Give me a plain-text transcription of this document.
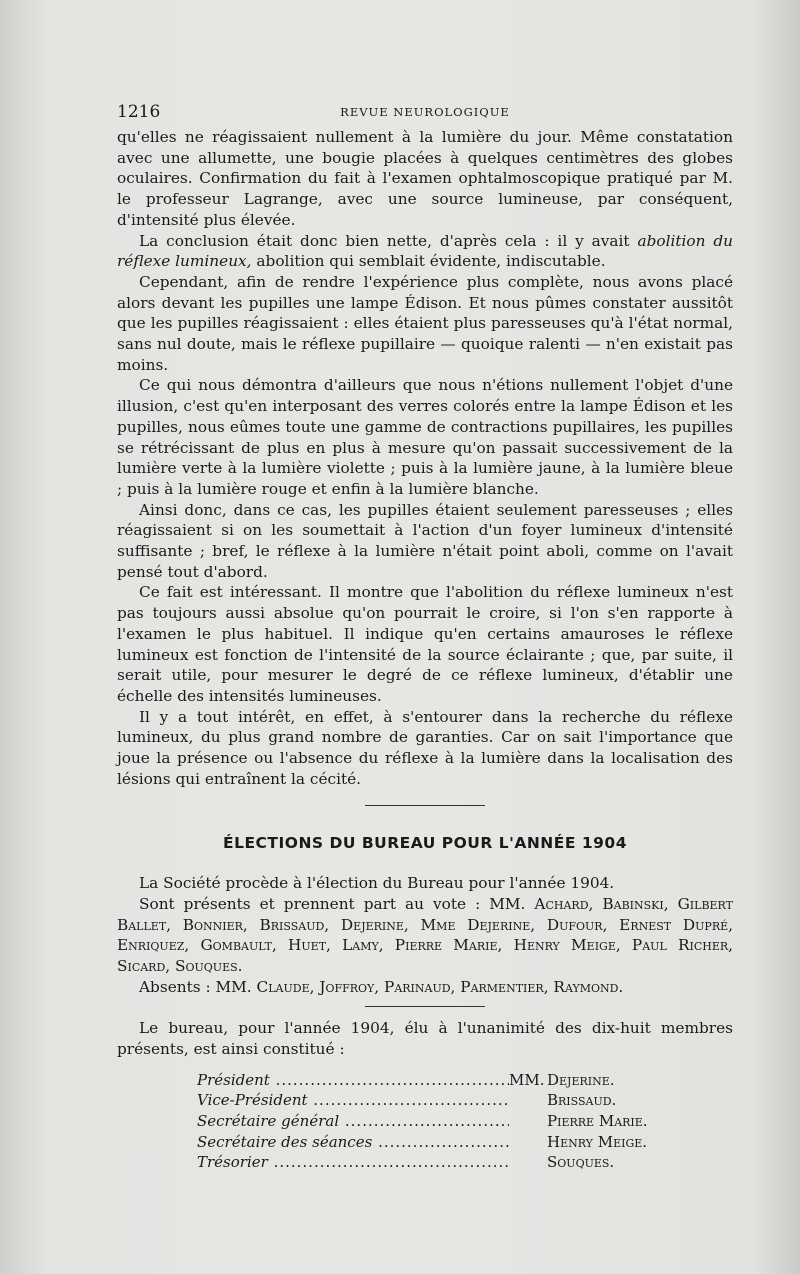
1216	REVUE NEUROLOGIQUE

qu'elles ne réagissaient nullement à la lumière du jour. Même constatation avec une allumette, une bougie placées à quelques centimètres des globes oculaires. Confirmation du fait à l'examen ophtalmoscopique pratiqué par M. le professeur Lagrange, avec une source lumineuse, par conséquent, d'intensité plus élevée.

La conclusion était donc bien nette, d'après cela : il y avait abolition du réflexe lumineux, abolition qui semblait évidente, indiscutable.

Cependant, afin de rendre l'expérience plus complète, nous avons placé alors devant les pupilles une lampe Édison. Et nous pûmes constater aussitôt que les pupilles réagissaient : elles étaient plus paresseuses qu'à l'état normal, sans nul doute, mais le réflexe pupillaire — quoique ralenti — n'en existait pas moins.

Ce qui nous démontra d'ailleurs que nous n'étions nullement l'objet d'une illusion, c'est qu'en interposant des verres colorés entre la lampe Édison et les pupilles, nous eûmes toute une gamme de contractions pupillaires, les pupilles se rétrécissant de plus en plus à mesure qu'on passait successivement de la lumière verte à la lumière violette ; puis à la lumière jaune, à la lumière bleue ; puis à la lumière rouge et enfin à la lumière blanche.

Ainsi donc, dans ce cas, les pupilles étaient seulement paresseuses ; elles réagissaient si on les soumettait à l'action d'un foyer lumineux d'intensité suffisante ; bref, le réflexe à la lumière n'était point aboli, comme on l'avait pensé tout d'abord.

Ce fait est intéressant. Il montre que l'abolition du réflexe lumineux n'est pas toujours aussi absolue qu'on pourrait le croire, si l'on s'en rapporte à l'examen le plus habituel. Il indique qu'en certains amauroses le réflexe lumineux est fonction de l'intensité de la source éclairante ; que, par suite, il serait utile, pour mesurer le degré de ce réflexe lumineux, d'établir une échelle des intensités lumineuses.

Il y a tout intérêt, en effet, à s'entourer dans la recherche du réflexe lumineux, du plus grand nombre de garanties. Car on sait l'importance que joue la présence ou l'absence du réflexe à la lumière dans la localisation des lésions qui entraînent la cécité.

ÉLECTIONS DU BUREAU POUR L'ANNÉE 1904

La Société procède à l'élection du Bureau pour l'année 1904.

Sont présents et prennent part au vote : MM. Achard, Babinski, Gilbert Ballet, Bonnier, Brissaud, Dejerine, Mme Dejerine, Dufour, Ernest Dupré, Enriquez, Gombault, Huet, Lamy, Pierre Marie, Henry Meige, Paul Richer, Sicard, Souques.

Absents : MM. Claude, Joffroy, Parinaud, Parmentier, Raymond.

Le bureau, pour l'année 1904, élu à l'unanimité des dix-huit membres présents, est ainsi constitué :

Président .....	MM. Dejerine.
Vice-Président .....	Brissaud.
Secrétaire général .....	Pierre Marie.
Secrétaire des séances .....	Henry Meige.
Trésorier .....	Souques.
